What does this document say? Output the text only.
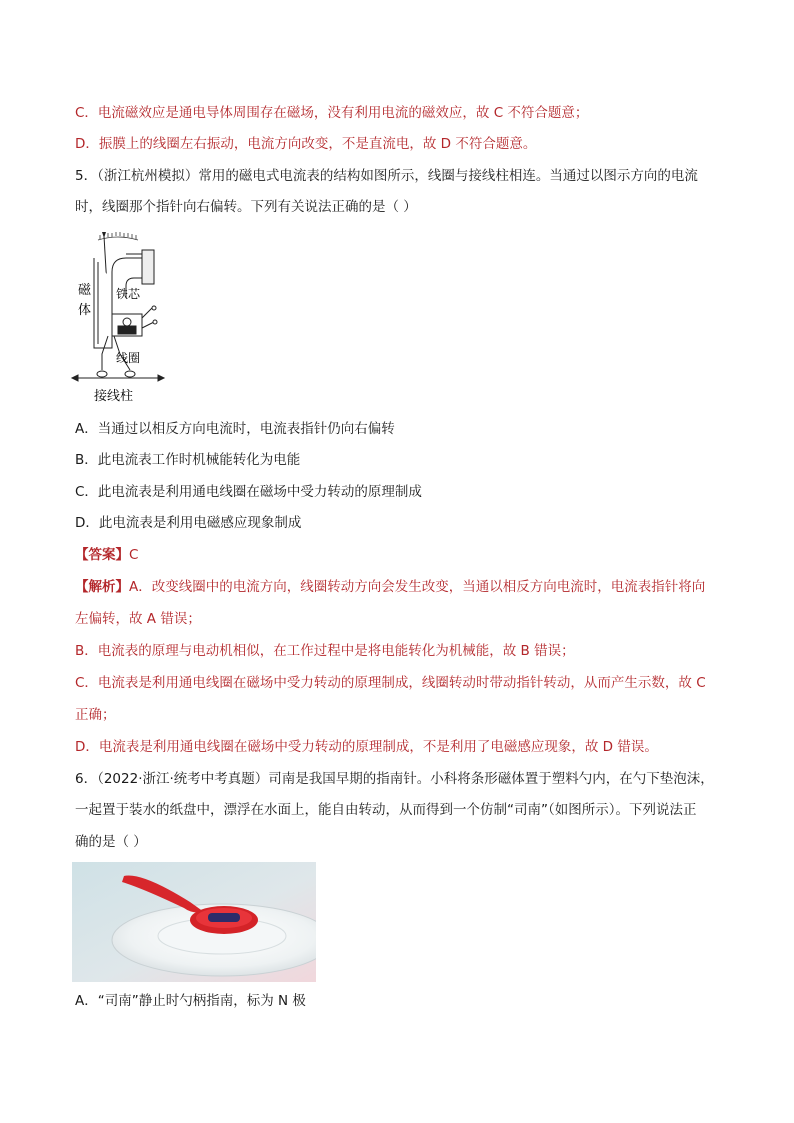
C．电流磁效应是通电导体周围存在磁场，没有利用电流的磁效应，故 C 不符合题意；
D．振膜上的线圈左右振动，电流方向改变，不是直流电，故 D 不符合题意。
5．（浙江杭州模拟）常用的磁电式电流表的结构如图所示，线圈与接线柱相连。当通过以图示方向的电流
时，线圈那个指针向右偏转。下列有关说法正确的是（ ）
磁
体
铁芯
线圈
接线柱
A．当通过以相反方向电流时，电流表指针仍向右偏转
B．此电流表工作时机械能转化为电能
C．此电流表是利用通电线圈在磁场中受力转动的原理制成
D．此电流表是利用电磁感应现象制成
【答案】C
【解析】A．改变线圈中的电流方向，线圈转动方向会发生改变，当通以相反方向电流时，电流表指针将向
左偏转，故 A 错误；
B．电流表的原理与电动机相似，在工作过程中是将电能转化为机械能，故 B 错误；
C．电流表是利用通电线圈在磁场中受力转动的原理制成，线圈转动时带动指针转动，从而产生示数，故 C
正确；
D．电流表是利用通电线圈在磁场中受力转动的原理制成，不是利用了电磁感应现象，故 D 错误。
6．（2022·浙江·统考中考真题）司南是我国早期的指南针。小科将条形磁体置于塑料勺内，在勺下垫泡沫，
一起置于装水的纸盘中，漂浮在水面上，能自由转动，从而得到一个仿制“司南”（如图所示）。下列说法正
确的是（ ）
A．“司南”静止时勺柄指南，标为 N 极
